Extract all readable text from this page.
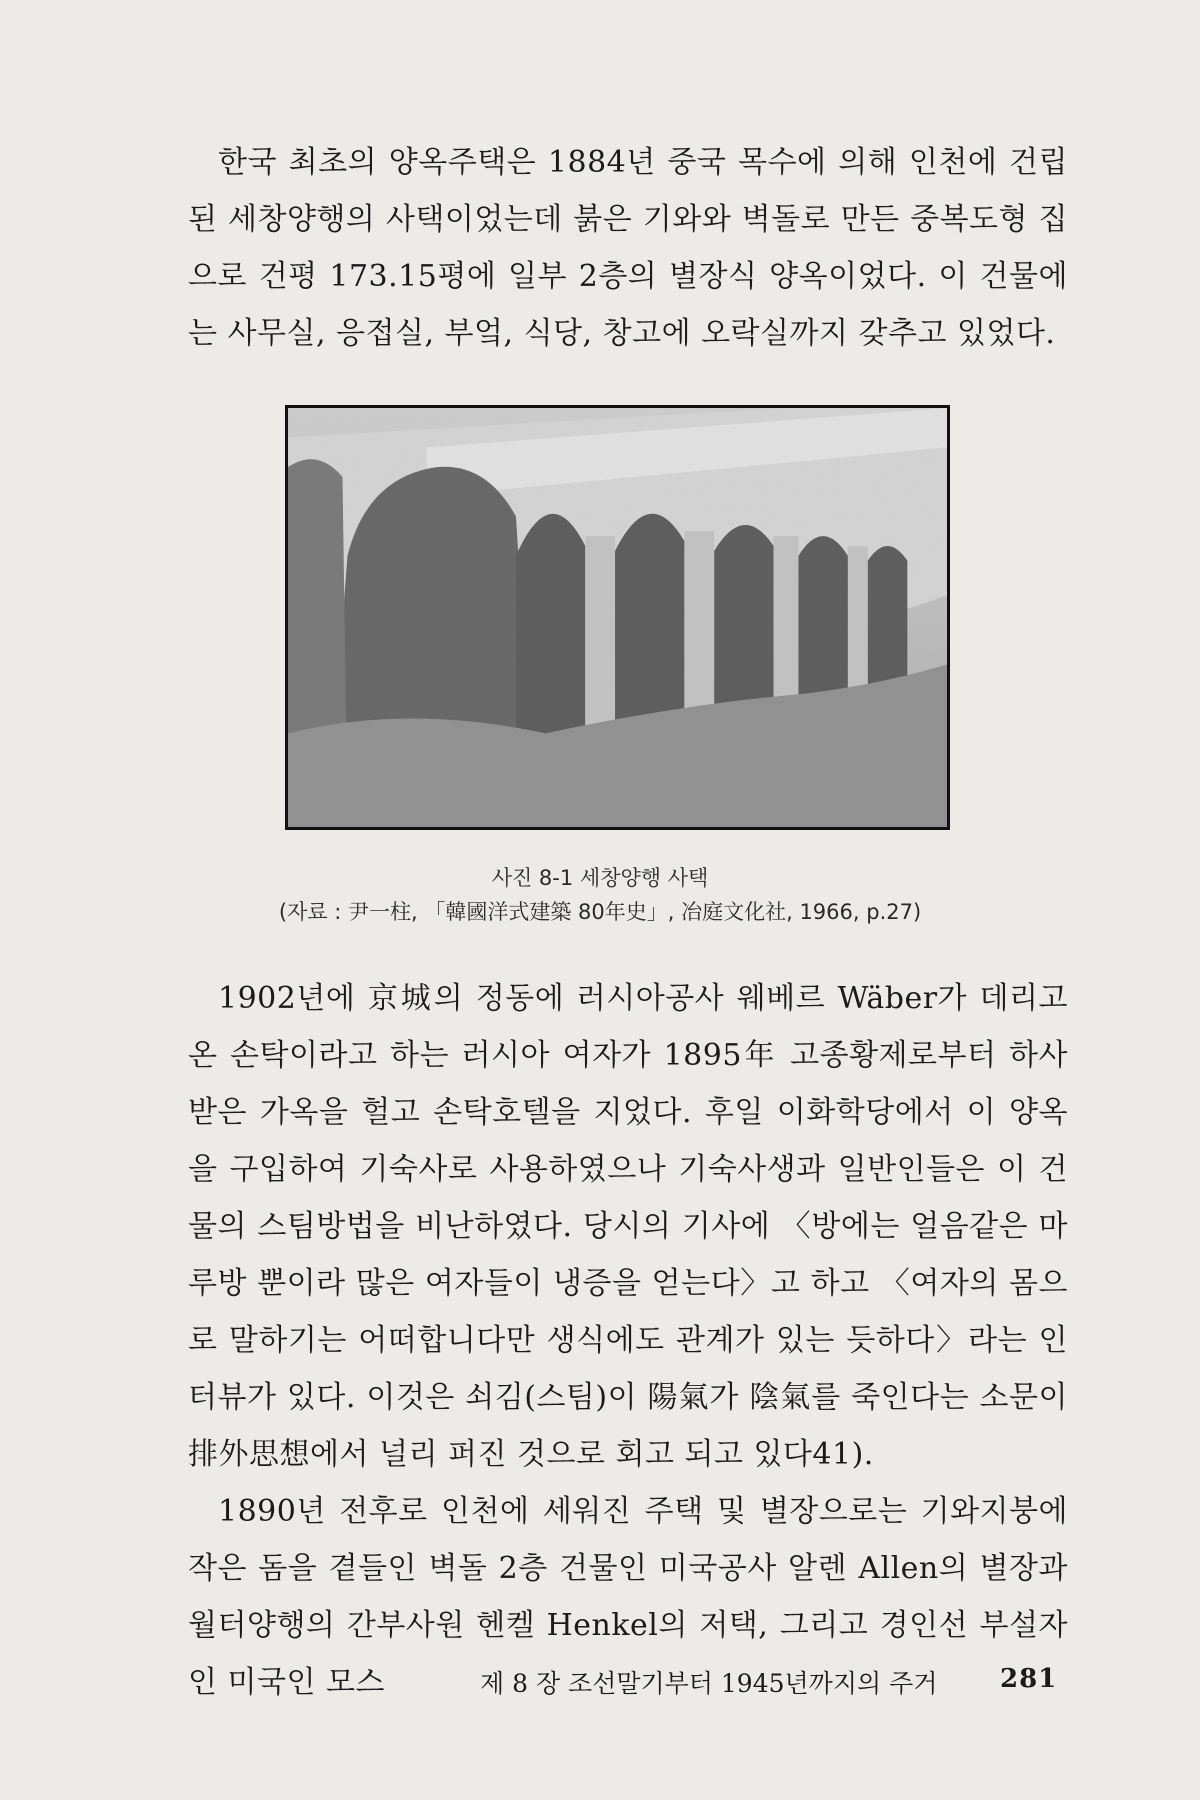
한국 최초의 양옥주택은 1884년 중국 목수에 의해 인천에 건립된 세창양행의 사택이었는데 붉은 기와와 벽돌로 만든 중복도형 집으로 건평 173.15평에 일부 2층의 별장식 양옥이었다. 이 건물에는 사무실, 응접실, 부엌, 식당, 창고에 오락실까지 갖추고 있었다.

사진 8-1 세창양행 사택
(자료 : 尹一柱, 「韓國洋式建築 80年史」, 冶庭文化社, 1966, p.27)

1902년에 京城의 정동에 러시아공사 웨베르 Wäber가 데리고 온 손탁이라고 하는 러시아 여자가 1895年 고종황제로부터 하사받은 가옥을 헐고 손탁호텔을 지었다. 후일 이화학당에서 이 양옥을 구입하여 기숙사로 사용하였으나 기숙사생과 일반인들은 이 건물의 스팀방법을 비난하였다. 당시의 기사에 〈방에는 얼음같은 마루방 뿐이라 많은 여자들이 냉증을 얻는다〉고 하고 〈여자의 몸으로 말하기는 어떠합니다만 생식에도 관계가 있는 듯하다〉라는 인터뷰가 있다. 이것은 쇠김(스팀)이 陽氣가 陰氣를 죽인다는 소문이 排外思想에서 널리 퍼진 것으로 회고 되고 있다41).

1890년 전후로 인천에 세워진 주택 및 별장으로는 기와지붕에 작은 돔을 곁들인 벽돌 2층 건물인 미국공사 알렌 Allen의 별장과 월터양행의 간부사원 헨켈 Henkel의 저택, 그리고 경인선 부설자인 미국인 모스	제 8 장 조선말기부터 1945년까지의 주거 281
